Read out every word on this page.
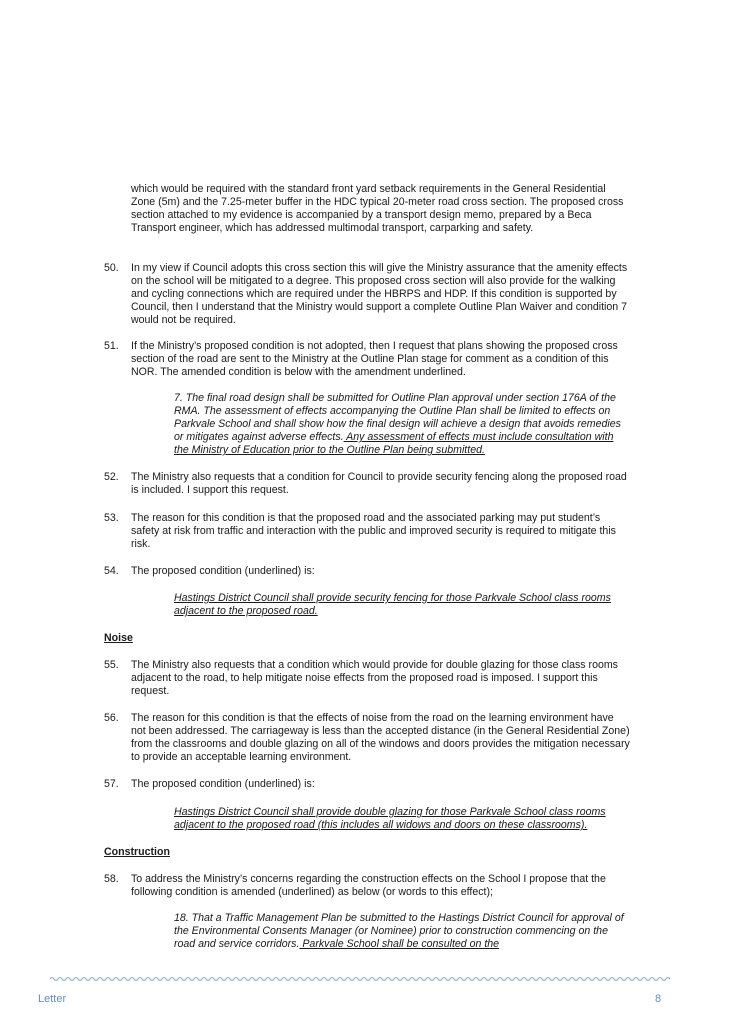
which would be required with the standard front yard setback requirements in the General Residential Zone (5m) and the 7.25-meter buffer in the HDC typical 20-meter road cross section. The proposed cross section attached to my evidence is accompanied by a transport design memo, prepared by a Beca Transport engineer, which has addressed multimodal transport, carparking and safety.

50.	In my view if Council adopts this cross section this will give the Ministry assurance that the amenity effects on the school will be mitigated to a degree. This proposed cross section will also provide for the walking and cycling connections which are required under the HBRPS and HDP. If this condition is supported by Council, then I understand that the Ministry would support a complete Outline Plan Waiver and condition 7 would not be required.

51.	If the Ministry’s proposed condition is not adopted, then I request that plans showing the proposed cross section of the road are sent to the Ministry at the Outline Plan stage for comment as a condition of this NOR. The amended condition is below with the amendment underlined.

7. The final road design shall be submitted for Outline Plan approval under section 176A of the RMA. The assessment of effects accompanying the Outline Plan shall be limited to effects on Parkvale School and shall show how the final design will achieve a design that avoids remedies or mitigates against adverse effects. Any assessment of effects must include consultation with the Ministry of Education prior to the Outline Plan being submitted.

52.	The Ministry also requests that a condition for Council to provide security fencing along the proposed road is included. I support this request.

53.	The reason for this condition is that the proposed road and the associated parking may put student’s safety at risk from traffic and interaction with the public and improved security is required to mitigate this risk.

54.	The proposed condition (underlined) is:

Hastings District Council shall provide security fencing for those Parkvale School class rooms adjacent to the proposed road.

Noise

55.	The Ministry also requests that a condition which would provide for double glazing for those class rooms adjacent to the road, to help mitigate noise effects from the proposed road is imposed. I support this request.

56.	The reason for this condition is that the effects of noise from the road on the learning environment have not been addressed. The carriageway is less than the accepted distance (in the General Residential Zone) from the classrooms and double glazing on all of the windows and doors provides the mitigation necessary to provide an acceptable learning environment.

57.	The proposed condition (underlined) is:

Hastings District Council shall provide double glazing for those Parkvale School class rooms adjacent to the proposed road (this includes all widows and doors on these classrooms).

Construction

58.	To address the Ministry’s concerns regarding the construction effects on the School I propose that the following condition is amended (underlined) as below (or words to this effect);

18. That a Traffic Management Plan be submitted to the Hastings District Council for approval of the Environmental Consents Manager (or Nominee) prior to construction commencing on the road and service corridors. Parkvale School shall be consulted on the

Letter	8
